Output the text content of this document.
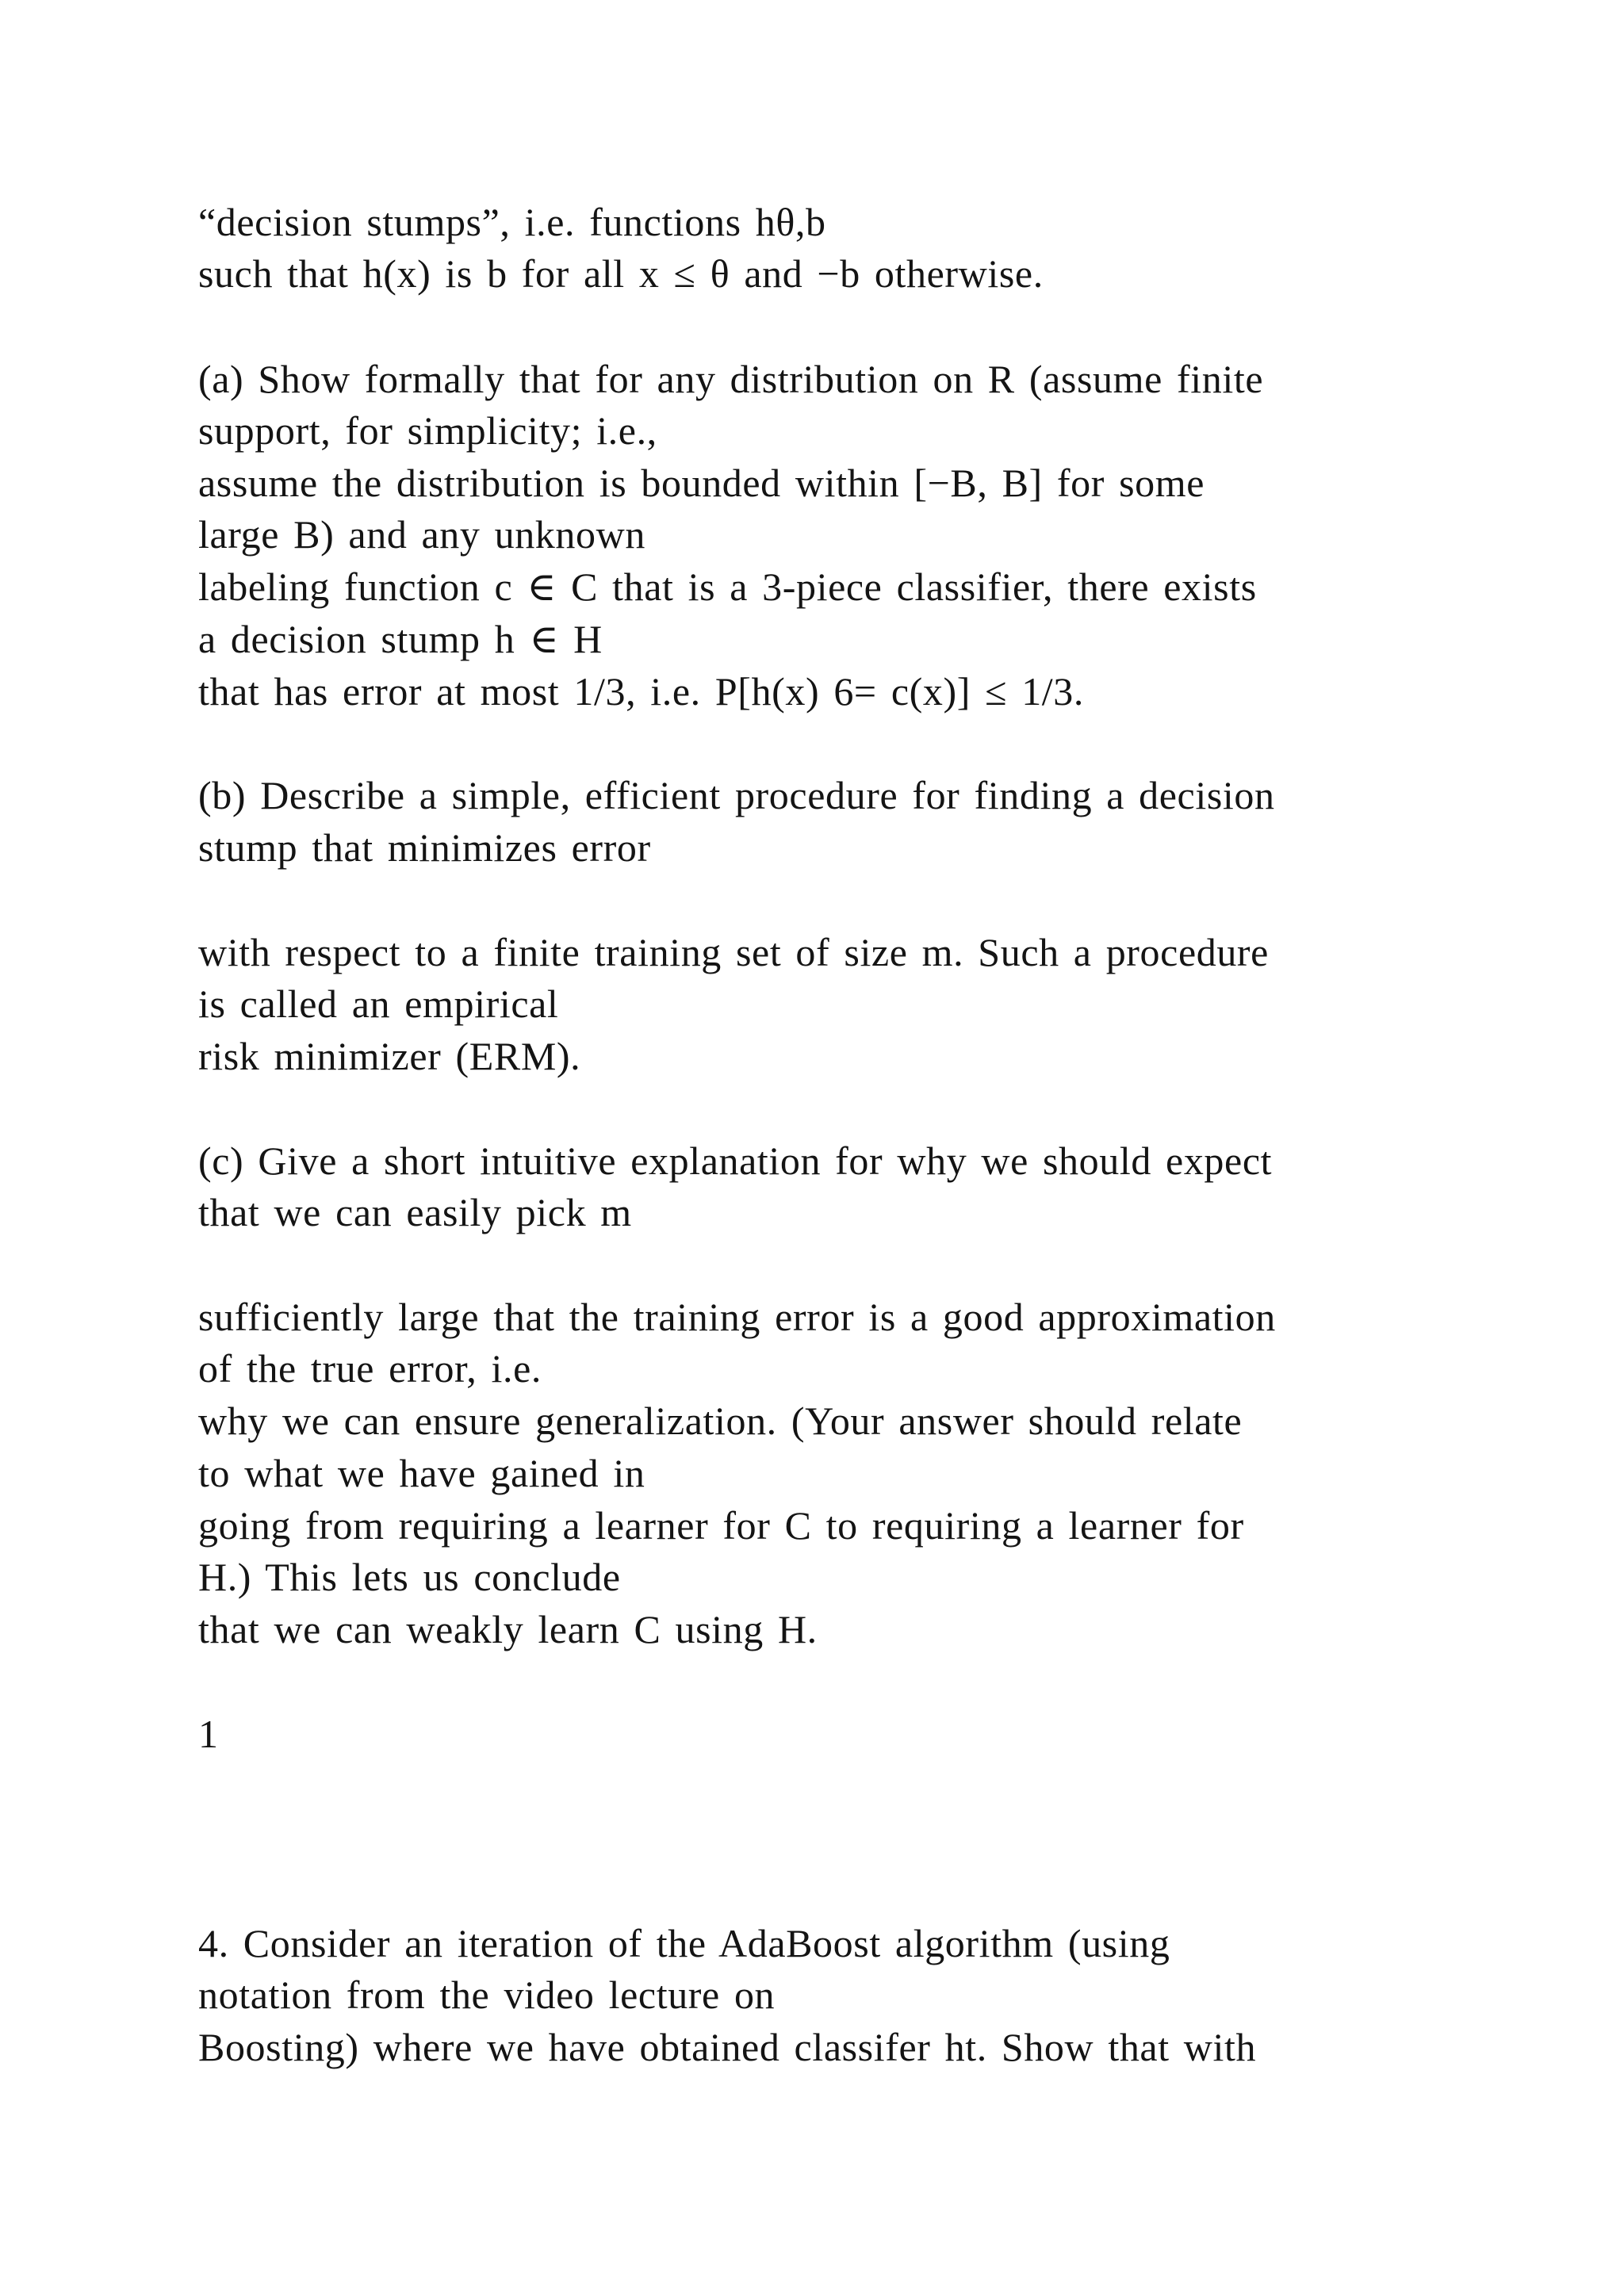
“decision stumps”, i.e. functions hθ,b
such that h(x) is b for all x ≤ θ and −b otherwise.
(a) Show formally that for any distribution on R (assume finite
support, for simplicity; i.e.,
assume the distribution is bounded within [−B, B] for some
large B) and any unknown
labeling function c ∈ C that is a 3-piece classifier, there exists
a decision stump h ∈ H
that has error at most 1/3, i.e. P[h(x) 6= c(x)] ≤ 1/3.
(b) Describe a simple, efficient procedure for finding a decision
stump that minimizes error
with respect to a finite training set of size m. Such a procedure
is called an empirical
risk minimizer (ERM).
(c) Give a short intuitive explanation for why we should expect
that we can easily pick m
sufficiently large that the training error is a good approximation
of the true error, i.e.
why we can ensure generalization. (Your answer should relate
to what we have gained in
going from requiring a learner for C to requiring a learner for
H.) This lets us conclude
that we can weakly learn C using H.
1
4. Consider an iteration of the AdaBoost algorithm (using
notation from the video lecture on
Boosting) where we have obtained classifer ht. Show that with
